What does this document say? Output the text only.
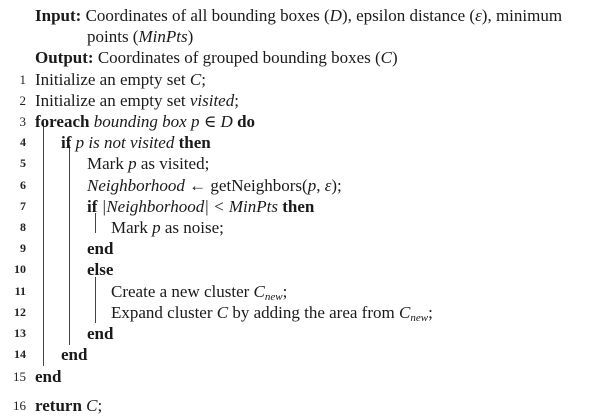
Input: Coordinates of all bounding boxes (D), epsilon distance (ε), minimum
points (MinPts)
Output: Coordinates of grouped bounding boxes (C)
1 Initialize an empty set C;
2 Initialize an empty set visited;
3 foreach bounding box p ∈ D do
4 if p is not visited then
5	Mark p as visited;
6	Neighborhood ← getNeighbors(p, ε);
7	if |Neighborhood| < MinPts then
8	Mark p as noise;
9	end
10	else
11	Create a new cluster $C_{new}$;
12	Expand cluster C by adding the area from $C_{new}$;
13	end
14 end
15 end
16 return C;
